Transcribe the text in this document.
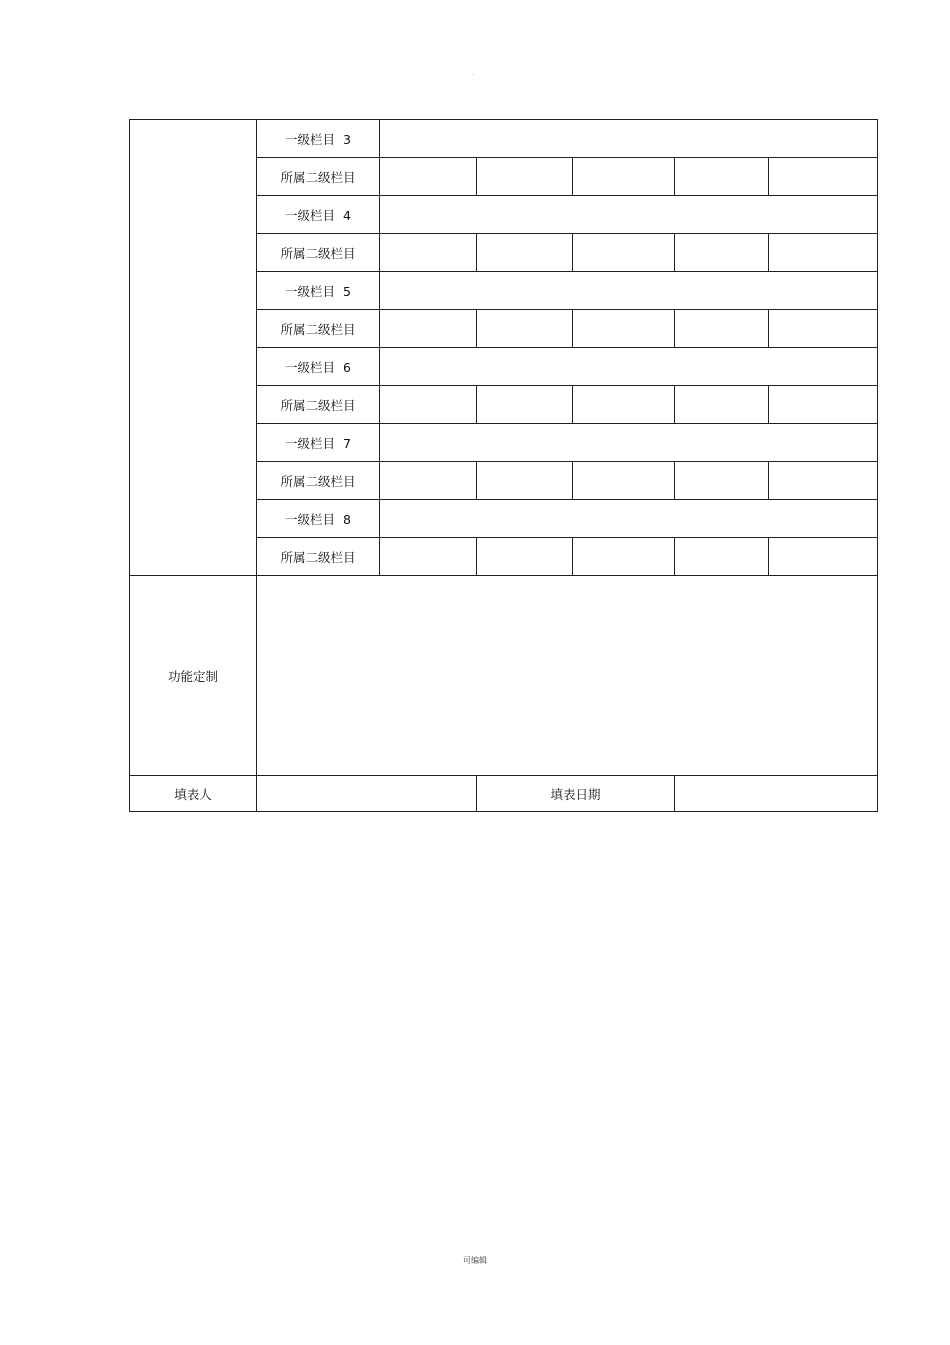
·
	一级栏目 3					
	所属二级栏目					
	一级栏目 4					
	所属二级栏目					
	一级栏目 5					
	所属二级栏目					
	一级栏目 6					
	所属二级栏目					
	一级栏目 7					
	所属二级栏目					
	一级栏目 8					
	所属二级栏目					
功能定制						
填表人			填表日期			
可编辑
